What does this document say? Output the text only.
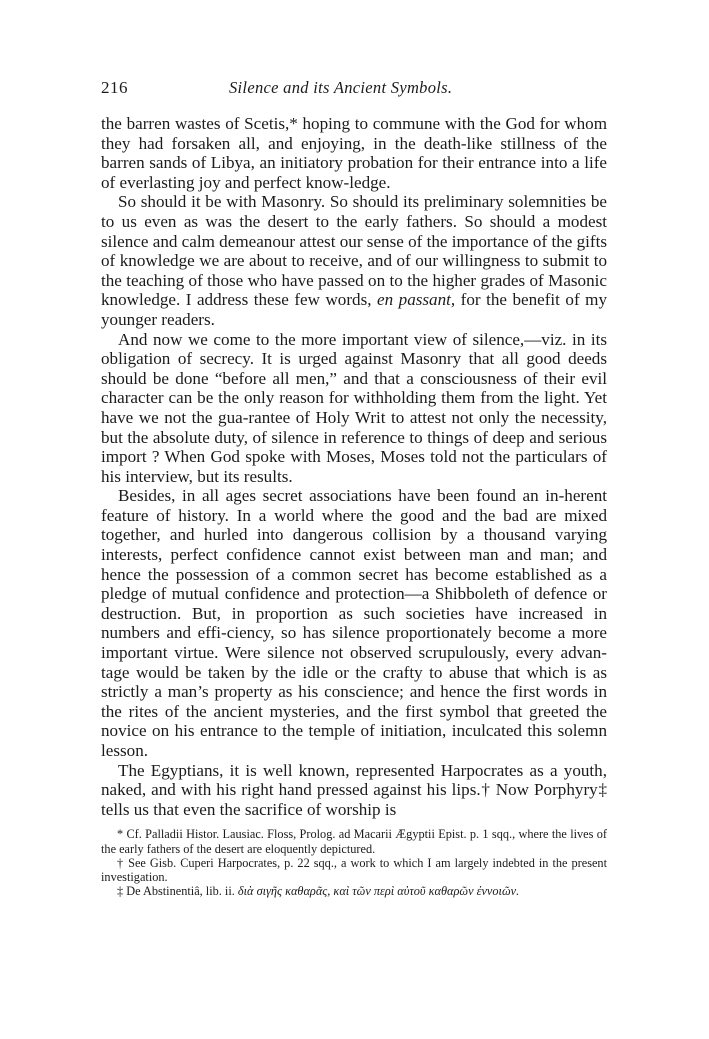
216	Silence and its Ancient Symbols.

the barren wastes of Scetis,* hoping to commune with the God for whom they had forsaken all, and enjoying, in the death-like stillness of the barren sands of Libya, an initiatory probation for their entrance into a life of everlasting joy and perfect know-ledge.

So should it be with Masonry. So should its preliminary solemnities be to us even as was the desert to the early fathers. So should a modest silence and calm demeanour attest our sense of the importance of the gifts of knowledge we are about to receive, and of our willingness to submit to the teaching of those who have passed on to the higher grades of Masonic knowledge. I address these few words, en passant, for the benefit of my younger readers.

And now we come to the more important view of silence,—viz. in its obligation of secrecy. It is urged against Masonry that all good deeds should be done “before all men,” and that a consciousness of their evil character can be the only reason for withholding them from the light. Yet have we not the gua-rantee of Holy Writ to attest not only the necessity, but the absolute duty, of silence in reference to things of deep and serious import ? When God spoke with Moses, Moses told not the particulars of his interview, but its results.

Besides, in all ages secret associations have been found an in-herent feature of history. In a world where the good and the bad are mixed together, and hurled into dangerous collision by a thousand varying interests, perfect confidence cannot exist between man and man; and hence the possession of a common secret has become established as a pledge of mutual confidence and protection—a Shibboleth of defence or destruction. But, in proportion as such societies have increased in numbers and effi-ciency, so has silence proportionately become a more important virtue. Were silence not observed scrupulously, every advan-tage would be taken by the idle or the crafty to abuse that which is as strictly a man’s property as his conscience; and hence the first words in the rites of the ancient mysteries, and the first symbol that greeted the novice on his entrance to the temple of initiation, inculcated this solemn lesson.

The Egyptians, it is well known, represented Harpocrates as a youth, naked, and with his right hand pressed against his lips.† Now Porphyry‡ tells us that even the sacrifice of worship is

* Cf. Palladii Histor. Lausiac. Floss, Prolog. ad Macarii Ægyptii Epist. p. 1 sqq., where the lives of the early fathers of the desert are eloquently depictured.

† See Gisb. Cuperi Harpocrates, p. 22 sqq., a work to which I am largely indebted in the present investigation.

‡ De Abstinentiâ, lib. ii. διὰ σιγῆς καθαρᾶς, καὶ τῶν περὶ αὐτοῦ καθαρῶν ἐννοιῶν.
